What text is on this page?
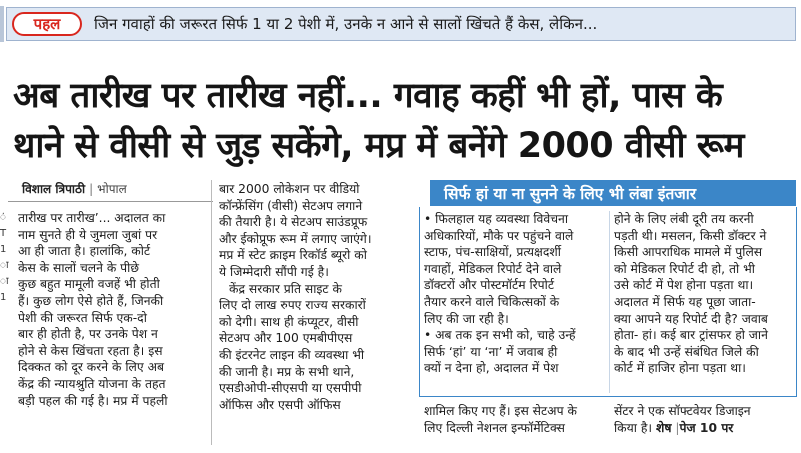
पहल	जिन गवाहों की जरूरत सिर्फ 1 या 2 पेशी में, उनके न आने से सालों खिंचते हैं केस, लेकिन...
अब तारीख पर तारीख नहीं... गवाह कहीं भी हों, पास के
थाने से वीसी से जुड़ सकेंगे, मप्र में बनेंगे 2000 वीसी रूम
विशाल त्रिपाठी | भोपाल
तारीख पर तारीख’... अदालत का
नाम सुनते ही ये जुमला जुबां पर
आ ही जाता है। हालांकि, कोर्ट
केस के सालों चलने के पीछे
कुछ बहुत मामूली वजहें भी होती
हैं। कुछ लोग ऐसे होते हैं, जिनकी
पेशी की जरूरत सिर्फ एक-दो
बार ही होती है, पर उनके पेश न
होने से केस खिंचता रहता है। इस
दिक्कत को दूर करने के लिए अब
केंद्र की न्यायश्रुति योजना के तहत
बड़ी पहल की गई है। मप्र में पहली
बार 2000 लोकेशन पर वीडियो
कॉन्फ्रेंसिंग (वीसी) सेटअप लगाने
की तैयारी है। ये सेटअप साउंडप्रूफ
और ईकोप्रूफ रूम में लगाए जाएंगे।
मप्र में स्टेट क्राइम रिकॉर्ड ब्यूरो को
ये जिम्मेदारी सौंपी गई है।
केंद्र सरकार प्रति साइट के
लिए दो लाख रुपए राज्य सरकारों
को देगी। साथ ही कंप्यूटर, वीसी
सेटअप और 100 एमबीपीएस
की इंटरनेट लाइन की व्यवस्था भी
की जानी है। मप्र के सभी थाने,
एसडीओपी-सीएसपी या एसपीपी
ऑफिस और एसपी ऑफिस
सिर्फ हां या ना सुनने के लिए भी लंबा इंतजार
• फिलहाल यह व्यवस्था विवेचना
अधिकारियों, मौके पर पहुंचने वाले
स्टाफ, पंच-साक्षियों, प्रत्यक्षदर्शी
गवाहों, मेडिकल रिपोर्ट देने वाले
डॉक्टरों और पोस्टमॉर्टम रिपोर्ट
तैयार करने वाले चिकित्सकों के
लिए की जा रही है।
• अब तक इन सभी को, चाहे उन्हें
सिर्फ ‘हां’ या ‘ना’ में जवाब ही
क्यों न देना हो, अदालत में पेश
होने के लिए लंबी दूरी तय करनी
पड़ती थी। मसलन, किसी डॉक्टर ने
किसी आपराधिक मामले में पुलिस
को मेडिकल रिपोर्ट दी हो, तो भी
उसे कोर्ट में पेश होना पड़ता था।
अदालत में सिर्फ यह पूछा जाता-
क्या आपने यह रिपोर्ट दी है? जवाब
होता- हां। कई बार ट्रांसफर हो जाने
के बाद भी उन्हें संबंधित जिले की
कोर्ट में हाजिर होना पड़ता था।
शामिल किए गए हैं। इस सेटअप के
लिए दिल्ली नेशनल इन्फॉर्मेटिक्स
सेंटर ने एक सॉफ्टवेयर डिजाइन
किया है। शेष |पेज 10 पर
ं
T
1
ा
ा
1
